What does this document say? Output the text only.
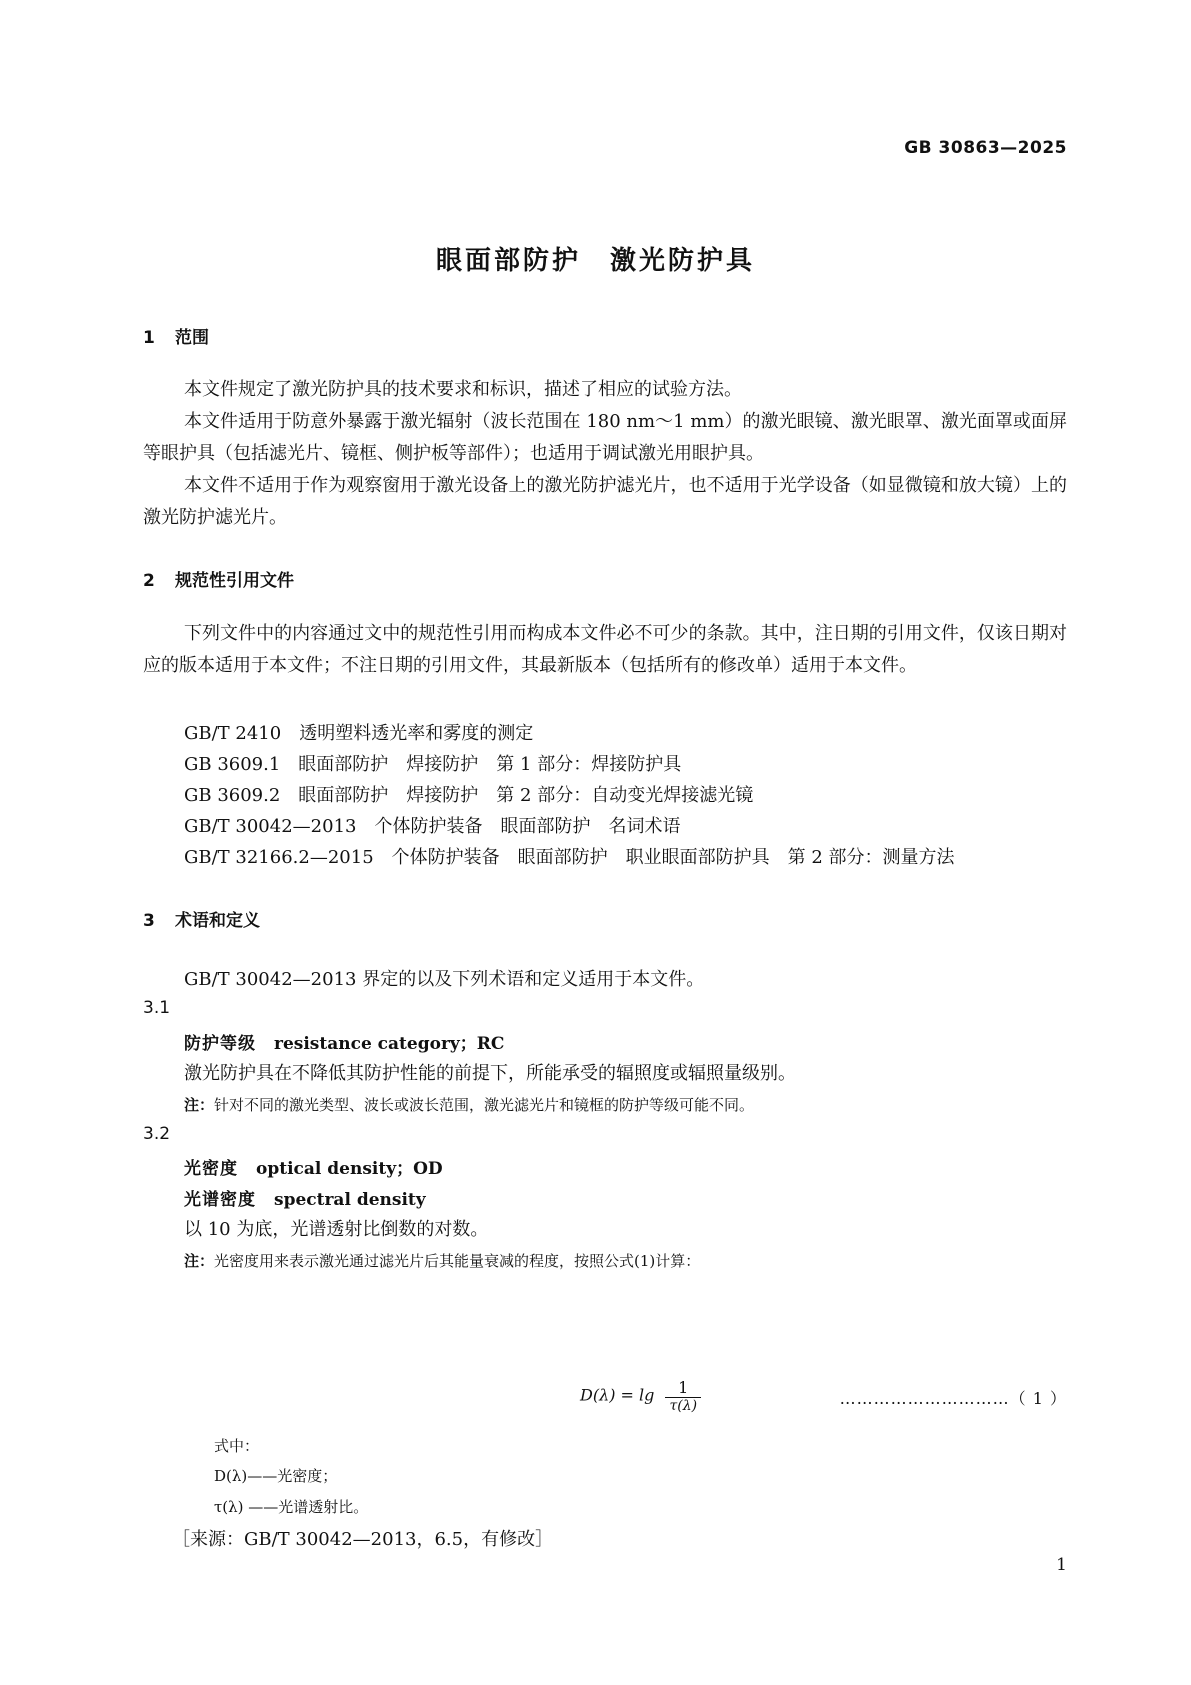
GB 30863—2025
眼面部防护　激光防护具
1 范围
本文件规定了激光防护具的技术要求和标识，描述了相应的试验方法。
本文件适用于防意外暴露于激光辐射（波长范围在 180 nm～1 mm）的激光眼镜、激光眼罩、激光面罩或面屏等眼护具（包括滤光片、镜框、侧护板等部件）；也适用于调试激光用眼护具。
本文件不适用于作为观察窗用于激光设备上的激光防护滤光片，也不适用于光学设备（如显微镜和放大镜）上的激光防护滤光片。
2 规范性引用文件
下列文件中的内容通过文中的规范性引用而构成本文件必不可少的条款。其中，注日期的引用文件，仅该日期对应的版本适用于本文件；不注日期的引用文件，其最新版本（包括所有的修改单）适用于本文件。
GB/T 2410　透明塑料透光率和雾度的测定
GB 3609.1　眼面部防护　焊接防护　第 1 部分：焊接防护具
GB 3609.2　眼面部防护　焊接防护　第 2 部分：自动变光焊接滤光镜
GB/T 30042—2013　个体防护装备　眼面部防护　名词术语
GB/T 32166.2—2015　个体防护装备　眼面部防护　职业眼面部防护具　第 2 部分：测量方法
3 术语和定义
GB/T 30042—2013 界定的以及下列术语和定义适用于本文件。
3.1
防护等级 resistance category；RC
激光防护具在不降低其防护性能的前提下，所能承受的辐照度或辐照量级别。
注：针对不同的激光类型、波长或波长范围，激光滤光片和镜框的防护等级可能不同。
3.2
光密度 optical density；OD
光谱密度 spectral density
以 10 为底，光谱透射比倒数的对数。
注：光密度用来表示激光通过滤光片后其能量衰减的程度，按照公式(1)计算：
$D(\lambda) = \lg \frac{1}{\tau(\lambda)}$	…………………………（ 1 ）
式中：
D(λ)——光密度；
τ(λ) ——光谱透射比。
［来源：GB/T 30042—2013，6.5，有修改］
1
